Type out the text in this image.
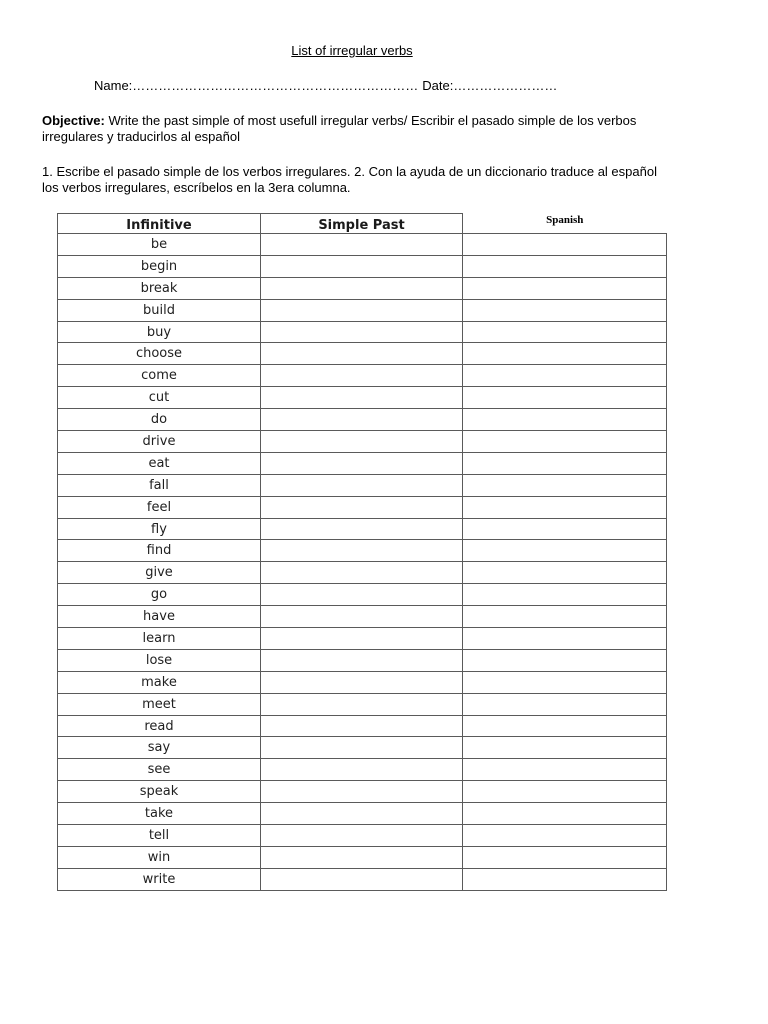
List of irregular verbs
Name:………………………………………………………… Date:……………………
Objective: Write the past simple of most usefull irregular verbs/ Escribir el pasado simple de los verbos irregulares y traducirlos al español
1. Escribe el pasado simple de los verbos irregulares. 2. Con la ayuda de un diccionario traduce al español los verbos irregulares, escríbelos en la 3era columna.
Infinitive	Simple Past	Spanish
be		
begin		
break		
build		
buy		
choose		
come		
cut		
do		
drive		
eat		
fall		
feel		
fly		
find		
give		
go		
have		
learn		
lose		
make		
meet		
read		
say		
see		
speak		
take		
tell		
win		
write		
